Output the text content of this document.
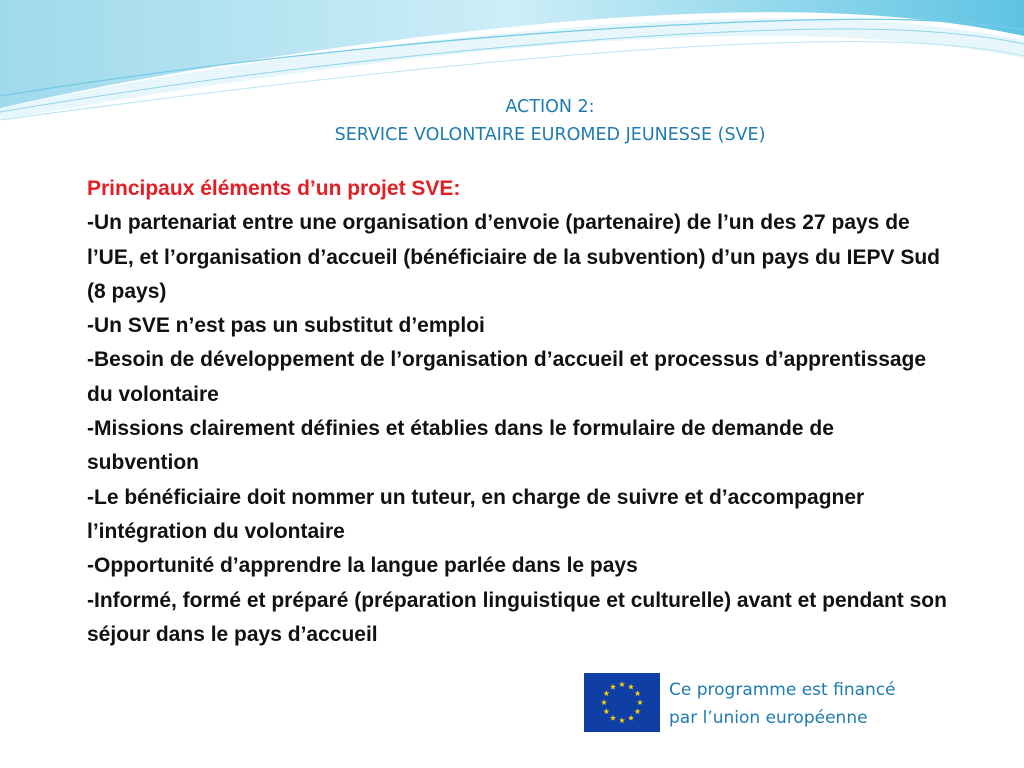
ACTION 2:
SERVICE VOLONTAIRE EUROMED JEUNESSE (SVE)

Principaux éléments d’un projet SVE:

-Un partenariat entre une organisation d’envoie (partenaire) de l’un des 27 pays de l’UE, et l’organisation d’accueil (bénéficiaire de la subvention) d’un pays du IEPV Sud (8 pays)

-Un SVE n’est pas un substitut d’emploi

-Besoin de développement de l’organisation d’accueil et processus d’apprentissage du volontaire

-Missions clairement définies et établies dans le formulaire de demande de subvention

-Le bénéficiaire doit nommer un tuteur, en charge de suivre et d’accompagner l’intégration du volontaire

-Opportunité d’apprendre la langue parlée dans le pays

-Informé, formé et préparé (préparation linguistique et culturelle) avant et pendant son séjour dans le pays d’accueil

Ce programme est financé
par l’union européenne
